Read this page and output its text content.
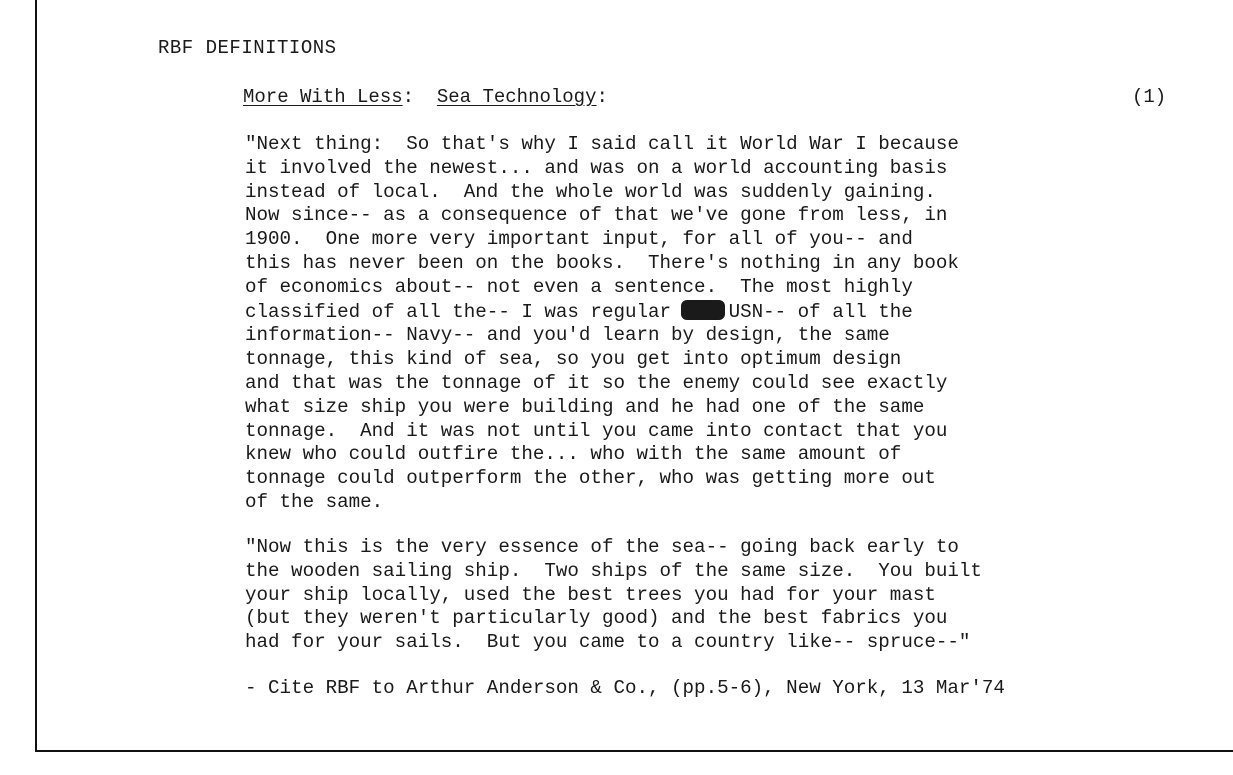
RBF DEFINITIONS
More With Less:  Sea Technology:	(1)
"Next thing:  So that's why I said call it World War I because
it involved the newest... and was on a world accounting basis
instead of local.  And the whole world was suddenly gaining.
Now since-- as a consequence of that we've gone from less, in
1900.  One more very important input, for all of you-- and
this has never been on the books.  There's nothing in any book
of economics about-- not even a sentence.  The most highly
classified of all the-- I was regular	USN-- of all the
information-- Navy-- and you'd learn by design, the same
tonnage, this kind of sea, so you get into optimum design
and that was the tonnage of it so the enemy could see exactly
what size ship you were building and he had one of the same
tonnage.  And it was not until you came into contact that you
knew who could outfire the... who with the same amount of
tonnage could outperform the other, who was getting more out
of the same.
"Now this is the very essence of the sea-- going back early to
the wooden sailing ship.  Two ships of the same size.  You built
your ship locally, used the best trees you had for your mast
(but they weren't particularly good) and the best fabrics you
had for your sails.  But you came to a country like-- spruce--"
- Cite RBF to Arthur Anderson & Co., (pp.5-6), New York, 13 Mar'74
